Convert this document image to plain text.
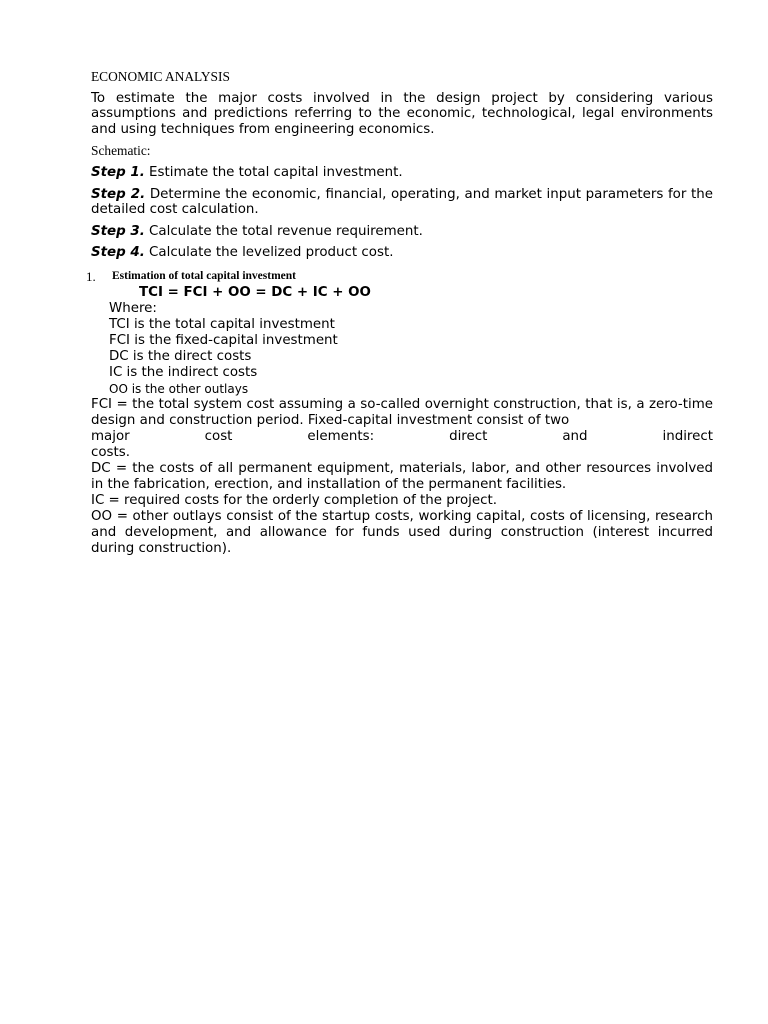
ECONOMIC ANALYSIS

To estimate the major costs involved in the design project by considering various assumptions and predictions referring to the economic, technological, legal environments and using techniques from engineering economics.

Schematic:

Step 1. Estimate the total capital investment.

Step 2. Determine the economic, financial, operating, and market input parameters for the detailed cost calculation.

Step 3. Calculate the total revenue requirement.

Step 4. Calculate the levelized product cost.

1.	Estimation of total capital investment
TCI = FCI + OO = DC + IC + OO
Where:
TCI is the total capital investment
FCI is the fixed-capital investment
DC is the direct costs
IC is the indirect costs
OO is the other outlays
FCI = the total system cost assuming a so-called overnight construction, that is, a zero-time design and construction period. Fixed-capital investment consist of two
major cost elements: direct and indirect
costs.
DC = the costs of all permanent equipment, materials, labor, and other resources involved in the fabrication, erection, and installation of the permanent facilities.
IC = required costs for the orderly completion of the project.
OO = other outlays consist of the startup costs, working capital, costs of licensing, research and development, and allowance for funds used during construction (interest incurred during construction).
